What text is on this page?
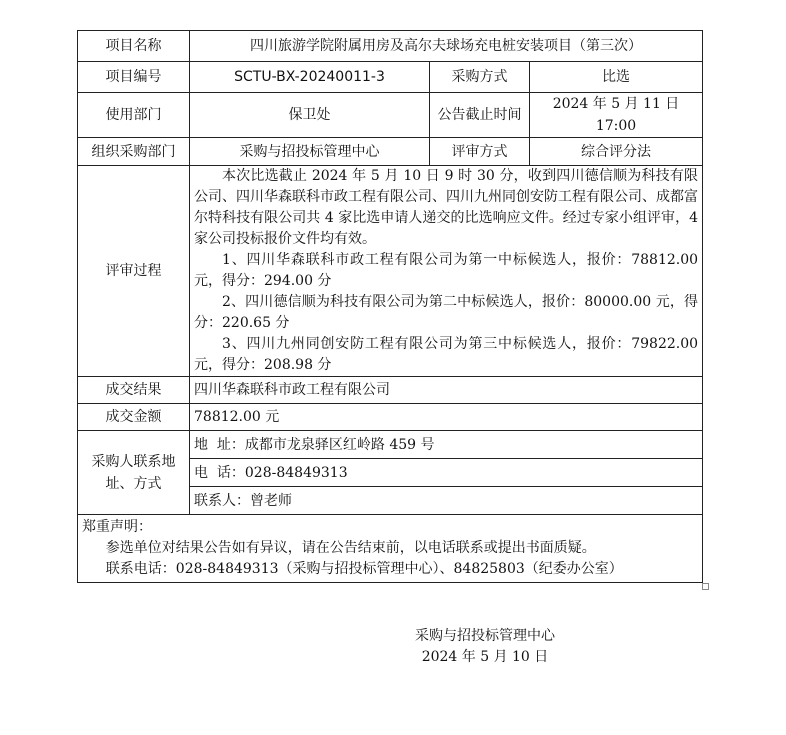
项目名称	四川旅游学院附属用房及高尔夫球场充电桩安装项目（第三次）		
项目编号	SCTU-BX-20240011-3	采购方式	比选
使用部门	保卫处	公告截止时间	2024 年 5 月 11 日
17:00

组织采购部门	采购与招投标管理中心	评审方式	综合评分法
评审过程	本次比选截止 2024 年 5 月 10 日 9 时 30 分，收到四川德信顺为科技有限公司、四川华森联科市政工程有限公司、四川九州同创安防工程有限公司、成都富尔特科技有限公司共 4 家比选申请人递交的比选响应文件。经过专家小组评审，4 家公司投标报价文件均有效。

1、四川华森联科市政工程有限公司为第一中标候选人，报价：78812.00 元，得分：294.00 分

2、四川德信顺为科技有限公司为第二中标候选人，报价：80000.00 元，得分：220.65 分

3、四川九州同创安防工程有限公司为第三中标候选人，报价：79822.00 元，得分：208.98 分		

成交结果	四川华森联科市政工程有限公司		
成交金额	78812.00 元		
采购人联系地址、方式	地  址：成都市龙泉驿区红岭路 459 号		
	电  话：028-84849313		
	联系人：曾老师		

郑重声明：

参选单位对结果公告如有异议，请在公告结束前，以电话联系或提出书面质疑。

联系电话：028-84849313（采购与招投标管理中心）、84825803（纪委办公室）			

采购与招投标管理中心
2024 年 5 月 10 日
